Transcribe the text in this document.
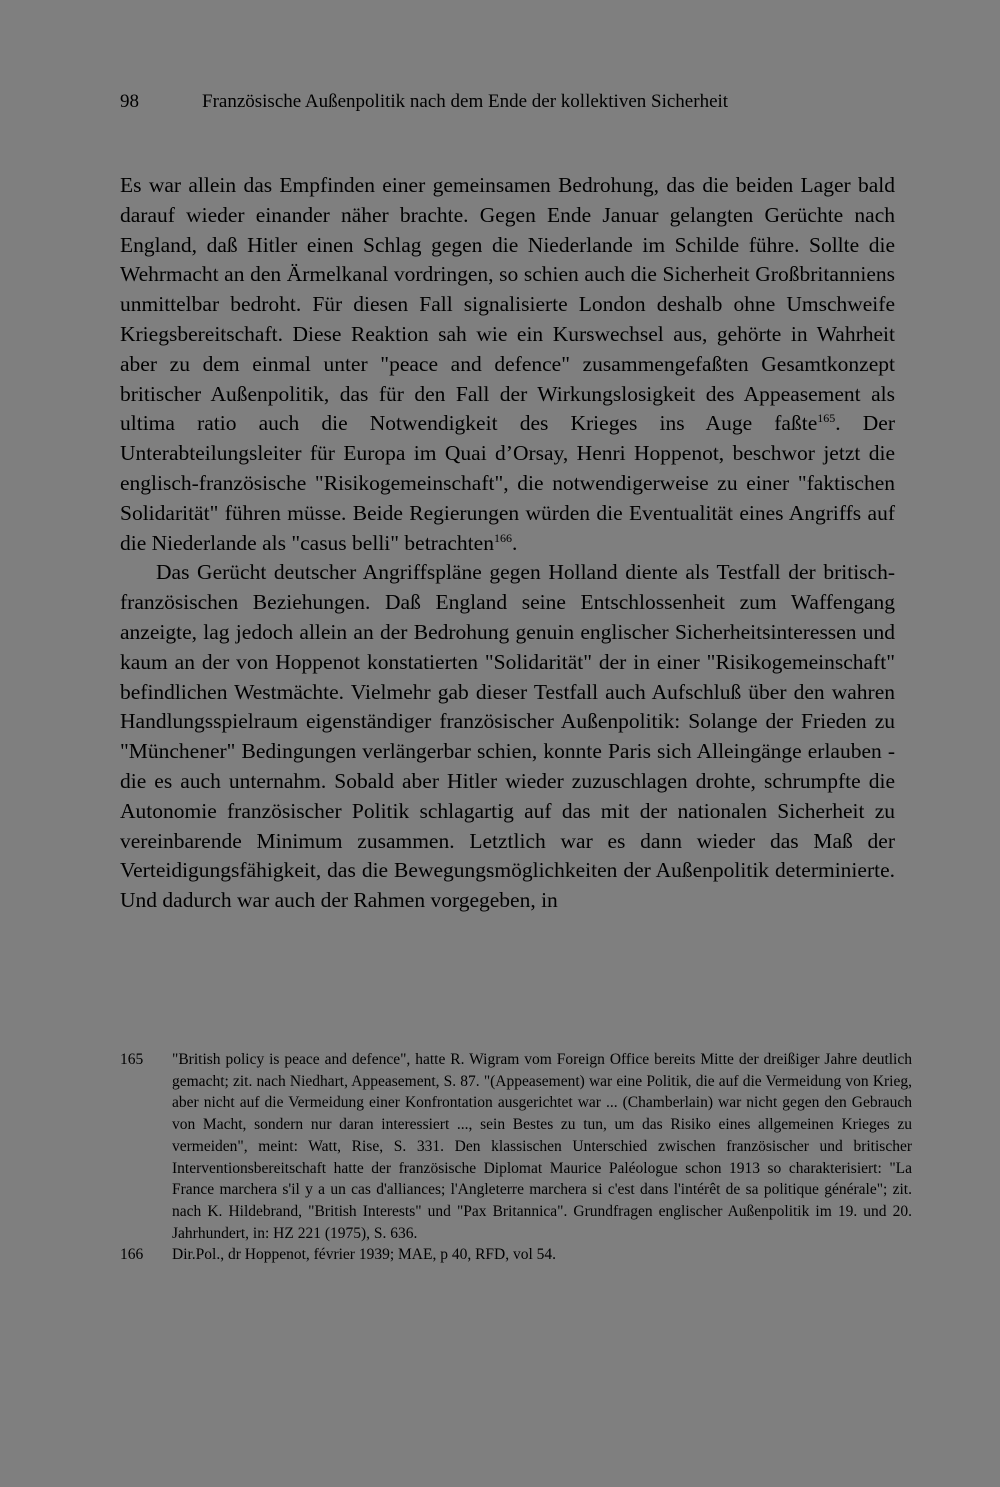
98	Französische Außenpolitik nach dem Ende der kollektiven Sicherheit

Es war allein das Empfinden einer gemeinsamen Bedrohung, das die beiden Lager bald darauf wieder einander näher brachte. Gegen Ende Januar gelangten Gerüchte nach England, daß Hitler einen Schlag gegen die Niederlande im Schilde führe. Sollte die Wehrmacht an den Ärmelkanal vordringen, so schien auch die Sicherheit Großbritanniens unmittelbar bedroht. Für diesen Fall signalisierte London deshalb ohne Umschweife Kriegsbereitschaft. Diese Reaktion sah wie ein Kurswechsel aus, gehörte in Wahrheit aber zu dem einmal unter "peace and defence" zusammengefaßten Gesamtkonzept britischer Außenpolitik, das für den Fall der Wirkungslosigkeit des Appeasement als ultima ratio auch die Notwendigkeit des Krieges ins Auge faßte$^{165}$. Der Unterabteilungsleiter für Europa im Quai d’Orsay, Henri Hoppenot, beschwor jetzt die englisch-französische "Risikogemeinschaft", die notwendigerweise zu einer "faktischen Solidarität" führen müsse. Beide Regierungen würden die Eventualität eines Angriffs auf die Niederlande als "casus belli" betrachten$^{166}$.

Das Gerücht deutscher Angriffspläne gegen Holland diente als Testfall der britisch-französischen Beziehungen. Daß England seine Entschlossenheit zum Waffengang anzeigte, lag jedoch allein an der Bedrohung genuin englischer Sicherheitsinteressen und kaum an der von Hoppenot konstatierten "Solidarität" der in einer "Risikogemeinschaft" befindlichen Westmächte. Vielmehr gab dieser Testfall auch Aufschluß über den wahren Handlungsspielraum eigenständiger französischer Außenpolitik: Solange der Frieden zu "Münchener" Bedingungen verlängerbar schien, konnte Paris sich Alleingänge erlauben - die es auch unternahm. Sobald aber Hitler wieder zuzuschlagen drohte, schrumpfte die Autonomie französischer Politik schlagartig auf das mit der nationalen Sicherheit zu vereinbarende Minimum zusammen. Letztlich war es dann wieder das Maß der Verteidigungsfähigkeit, das die Bewegungsmöglichkeiten der Außenpolitik determinierte. Und dadurch war auch der Rahmen vorgegeben, in

165	"British policy is peace and defence", hatte R. Wigram vom Foreign Office bereits Mitte der dreißiger Jahre deutlich gemacht; zit. nach Niedhart, Appeasement, S. 87. "(Appeasement) war eine Politik, die auf die Vermeidung von Krieg, aber nicht auf die Vermeidung einer Konfrontation ausgerichtet war ... (Chamberlain) war nicht gegen den Gebrauch von Macht, sondern nur daran interessiert ..., sein Bestes zu tun, um das Risiko eines allgemeinen Krieges zu vermeiden", meint: Watt, Rise, S. 331. Den klassischen Unterschied zwischen französischer und britischer Interventionsbereitschaft hatte der französische Diplomat Maurice Paléologue schon 1913 so charakterisiert: "La France marchera s'il y a un cas d'alliances; l'Angleterre marchera si c'est dans l'intérêt de sa politique générale"; zit. nach K. Hildebrand, "British Interests" und "Pax Britannica". Grundfragen englischer Außenpolitik im 19. und 20. Jahrhundert, in: HZ 221 (1975), S. 636.
166	Dir.Pol., dr Hoppenot, février 1939; MAE, p 40, RFD, vol 54.
